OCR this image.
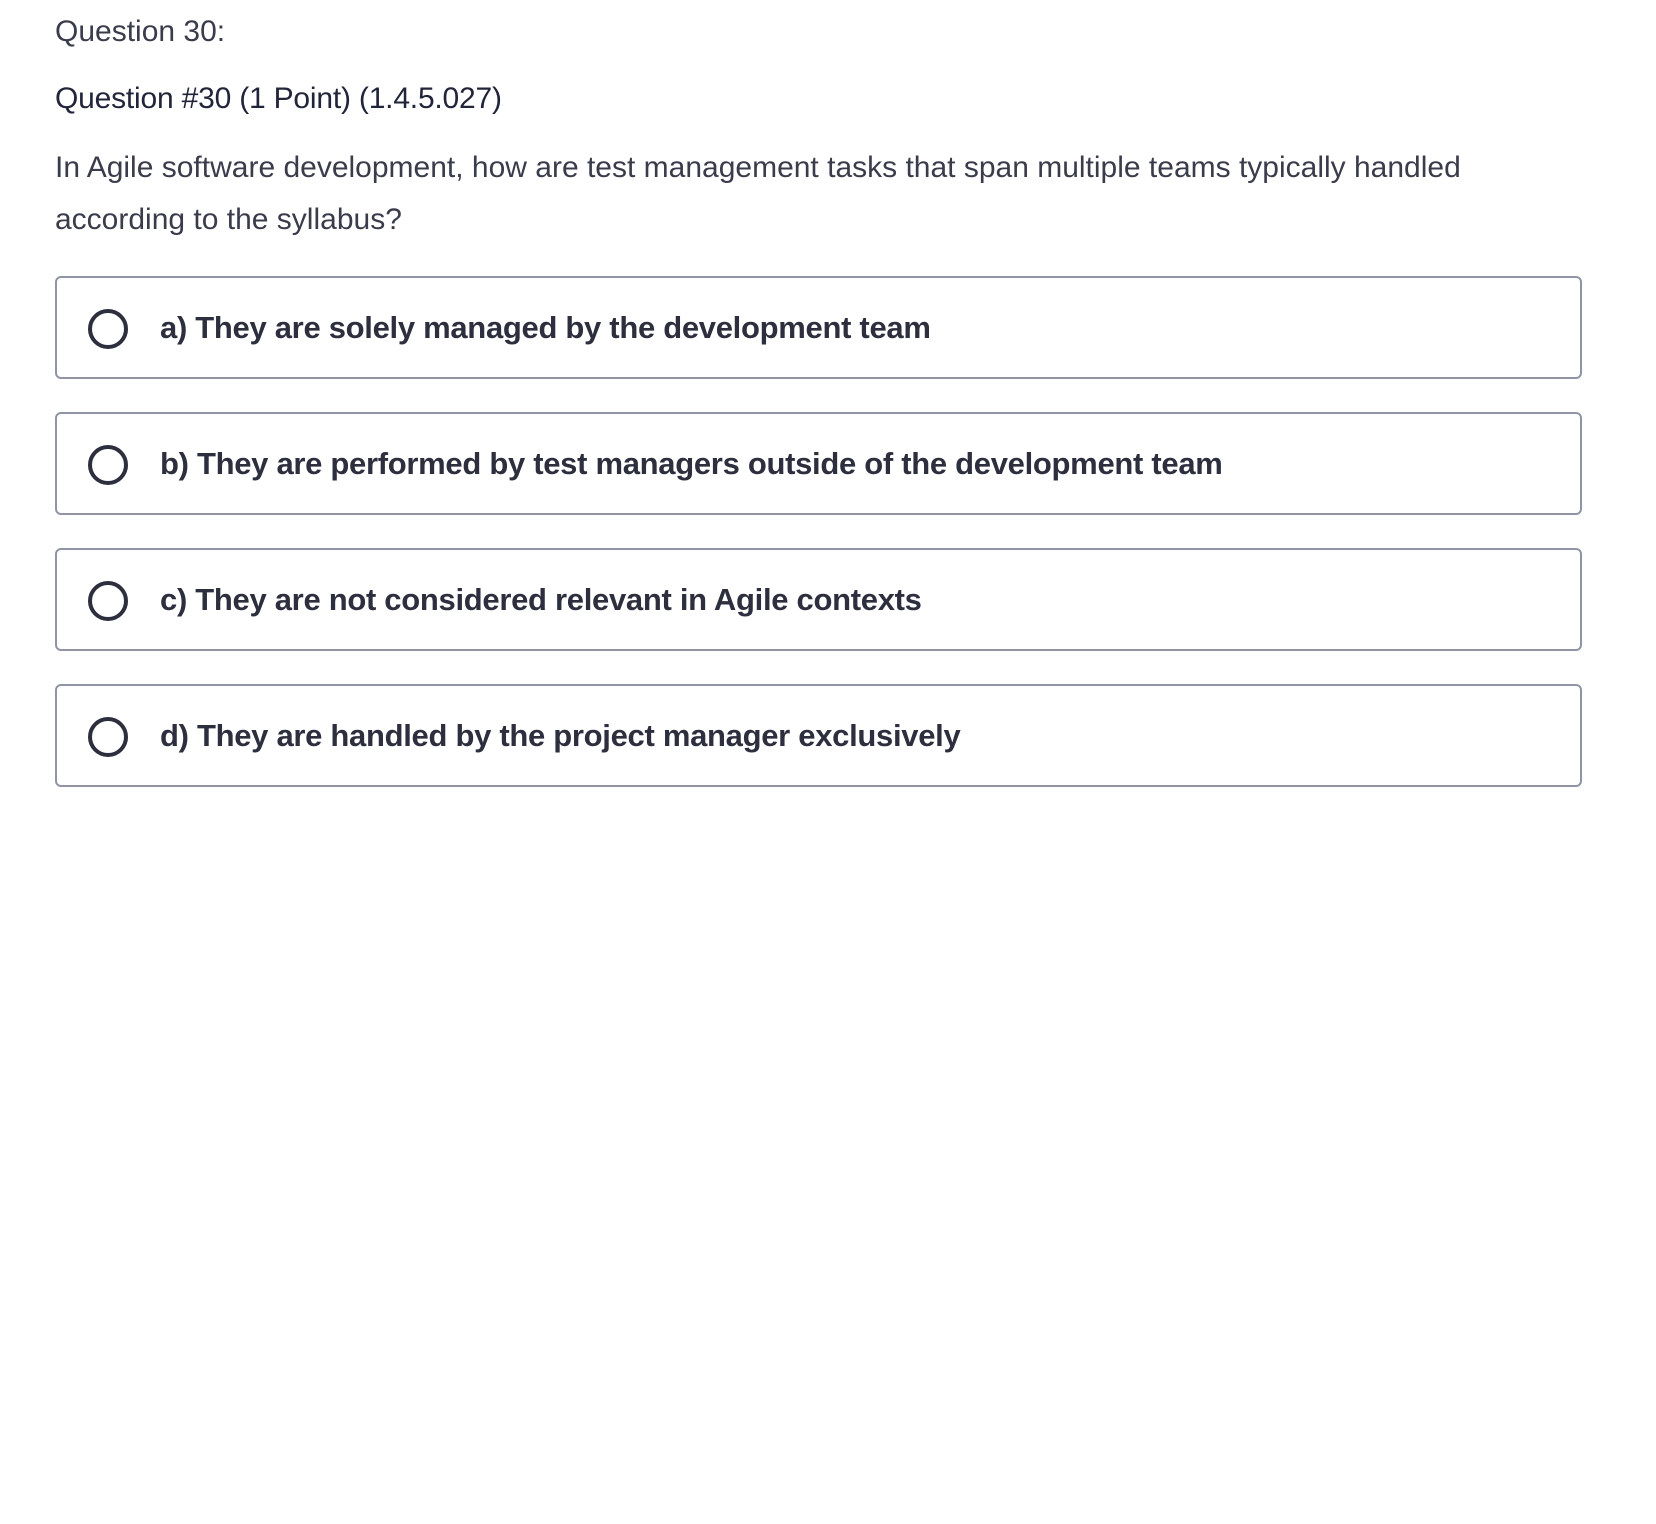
Question 30:
Question #30 (1 Point) (1.4.5.027)

In Agile software development, how are test management tasks that span multiple teams typically handled according to the syllabus?

a) They are solely managed by the development team
b) They are performed by test managers outside of the development team
c) They are not considered relevant in Agile contexts
d) They are handled by the project manager exclusively
